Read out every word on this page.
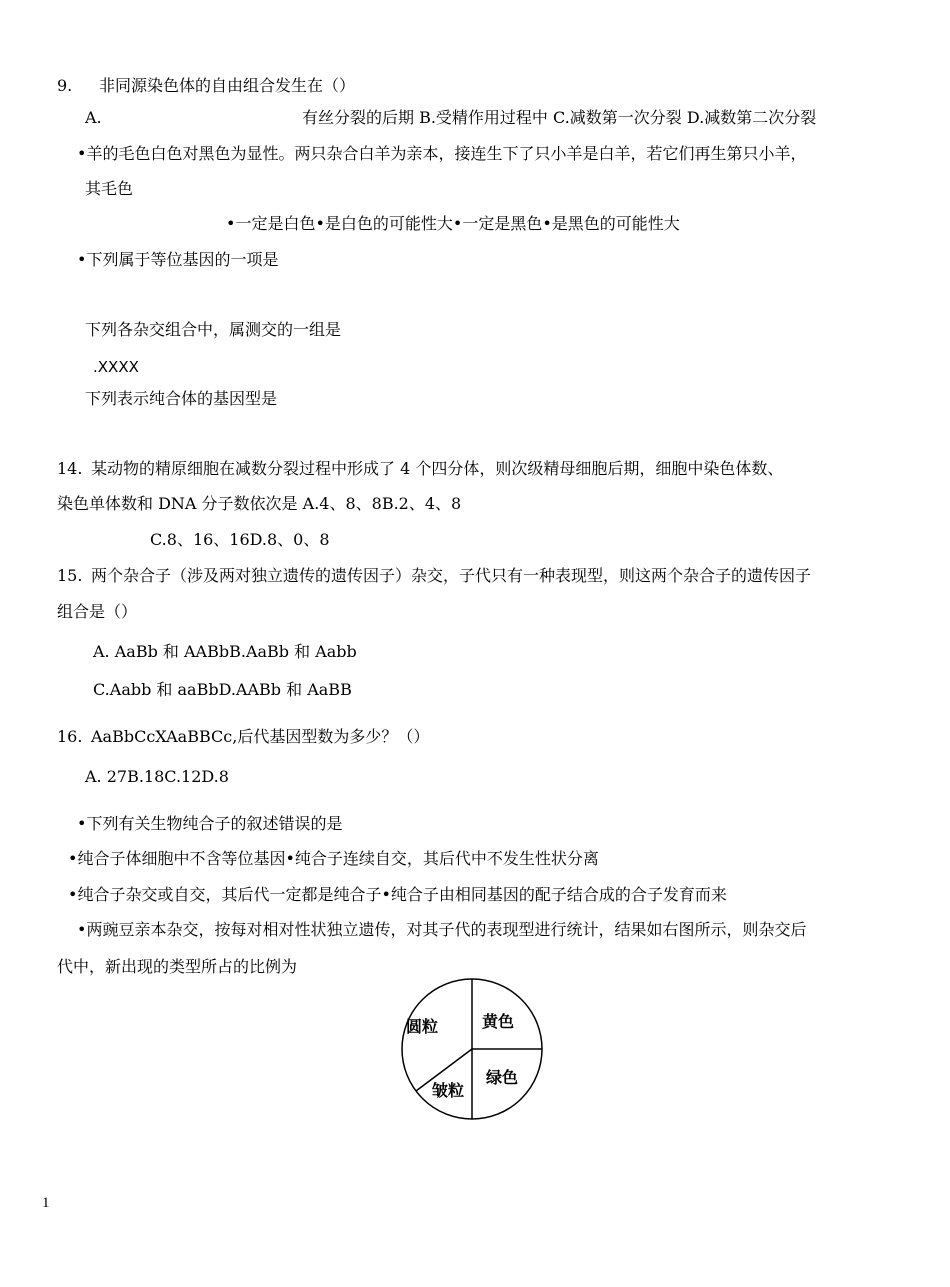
9. 非同源染色体的自由组合发生在（）
A.	有丝分裂的后期 B.受精作用过程中 C.减数第一次分裂 D.减数第二次分裂
•羊的毛色白色对黑色为显性。两只杂合白羊为亲本，接连生下了只小羊是白羊，若它们再生第只小羊，
其毛色
•一定是白色•是白色的可能性大•一定是黑色•是黑色的可能性大
•下列属于等位基因的一项是
下列各杂交组合中，属测交的一组是
.XXXX
下列表示纯合体的基因型是
14. 某动物的精原细胞在减数分裂过程中形成了 4 个四分体，则次级精母细胞后期，细胞中染色体数、
染色单体数和 DNA 分子数依次是 A.4、8、8B.2、4、8
C.8、16、16D.8、0、8
15. 两个杂合子（涉及两对独立遗传的遗传因子）杂交，子代只有一种表现型，则这两个杂合子的遗传因子
组合是（）
A. AaBb 和 AABbB.AaBb 和 Aabb
C.Aabb 和 aaBbD.AABb 和 AaBB
16. AaBbCcXAaBBCc,后代基因型数为多少？（）
A. 27B.18C.12D.8
•下列有关生物纯合子的叙述错误的是
•纯合子体细胞中不含等位基因•纯合子连续自交，其后代中不发生性状分离
•纯合子杂交或自交，其后代一定都是纯合子•纯合子由相同基因的配子结合成的合子发育而来
•两豌豆亲本杂交，按每对相对性状独立遗传，对其子代的表现型进行统计，结果如右图所示，则杂交后
代中，新出现的类型所占的比例为
圆粒	黄色
绿色
皱粒
1
